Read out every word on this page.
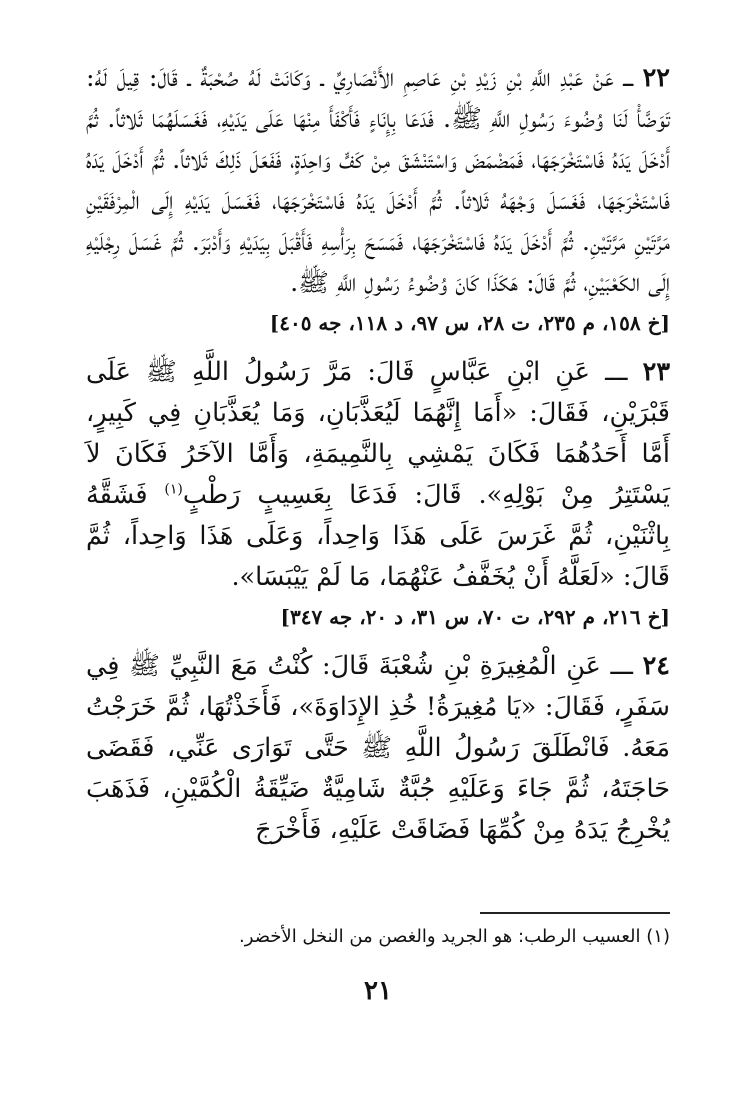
٢٢ ـــ عَنْ عَبْدِ اللَّهِ بْنِ زَيْدِ بْنِ عَاصِمِ الأَنْصَارِيِّ ـ وَكَانَتْ لَهُ صُحْبَةٌ ـ قَالَ: قِيلَ لَهُ: تَوَضَّأْ لَنَا وُضُوءَ رَسُولِ اللَّهِ ﷺ. فَدَعَا بِإِنَاءٍ فَأَكْفَأَ مِنْهَا عَلَى يَدَيْهِ، فَغَسَلَهُمَا ثَلاثاً. ثُمَّ أَدْخَلَ يَدَهُ فَاسْتَخْرَجَهَا، فَمَضْمَضَ وَاسْتَنْشَقَ مِنْ كَفٍّ وَاحِدَةٍ، فَفَعَلَ ذَلِكَ ثَلاثاً. ثُمَّ أَدْخَلَ يَدَهُ فَاسْتَخْرَجَهَا، فَغَسَلَ وَجْهَهُ ثَلاثاً. ثُمَّ أَدْخَلَ يَدَهُ فَاسْتَخْرَجَهَا، فَغَسَلَ يَدَيْهِ إِلَى الْمِرْفَقَيْنِ مَرَّتَيْنِ مَرَّتَيْنِ. ثُمَّ أَدْخَلَ يَدَهُ فَاسْتَخْرَجَهَا، فَمَسَحَ بِرَأْسِهِ فَأَقْبَلَ بِيَدَيْهِ وَأَدْبَرَ. ثُمَّ غَسَلَ رِجْلَيْهِ إِلَى الكَعْبَيْنِ، ثُمَّ قَالَ: هَكَذَا كَانَ وُضُوءُ رَسُولِ اللَّهِ ﷺ.

[خ ١٥٨، م ٢٣٥، ت ٢٨، س ٩٧، د ١١٨، جه ٤٠٥]

٢٣ ـــ عَنِ ابْنِ عَبَّاسٍ قَالَ: مَرَّ رَسُولُ اللَّهِ ﷺ عَلَى قَبْرَيْنِ، فَقَالَ: «أَمَا إِنَّهُمَا لَيُعَذَّبَانِ، وَمَا يُعَذَّبَانِ فِي كَبِيرٍ، أَمَّا أَحَدُهُمَا فَكَانَ يَمْشِي بِالنَّمِيمَةِ، وَأَمَّا الآخَرُ فَكَانَ لاَ يَسْتَتِرُ مِنْ بَوْلِهِ». قَالَ: فَدَعَا بِعَسِيبٍ رَطْبٍ$^{(١)}$ فَشَقَّهُ بِاثْنَيْنِ، ثُمَّ غَرَسَ عَلَى هَذَا وَاحِداً، وَعَلَى هَذَا وَاحِداً، ثُمَّ قَالَ: «لَعَلَّهُ أَنْ يُخَفَّفُ عَنْهُمَا، مَا لَمْ يَيْبَسَا».

[خ ٢١٦، م ٢٩٢، ت ٧٠، س ٣١، د ٢٠، جه ٣٤٧]

٢٤ ـــ عَنِ الْمُغِيرَةِ بْنِ شُعْبَةَ قَالَ: كُنْتُ مَعَ النَّبِيِّ ﷺ فِي سَفَرٍ، فَقَالَ: «يَا مُغِيرَةُ! خُذِ الإِدَاوَةَ»، فَأَخَذْتُهَا، ثُمَّ خَرَجْتُ مَعَهُ. فَانْطَلَقَ رَسُولُ اللَّهِ ﷺ حَتَّى تَوَارَى عَنِّي، فَقَضَى حَاجَتَهُ، ثُمَّ جَاءَ وَعَلَيْهِ جُبَّةٌ شَامِيَّةٌ ضَيِّقَةُ الْكُمَّيْنِ، فَذَهَبَ يُخْرِجُ يَدَهُ مِنْ كُمِّهَا فَضَاقَتْ عَلَيْهِ، فَأَخْرَجَ

(١) العسيب الرطب: هو الجريد والغصن من النخل الأخضر.
٢١
